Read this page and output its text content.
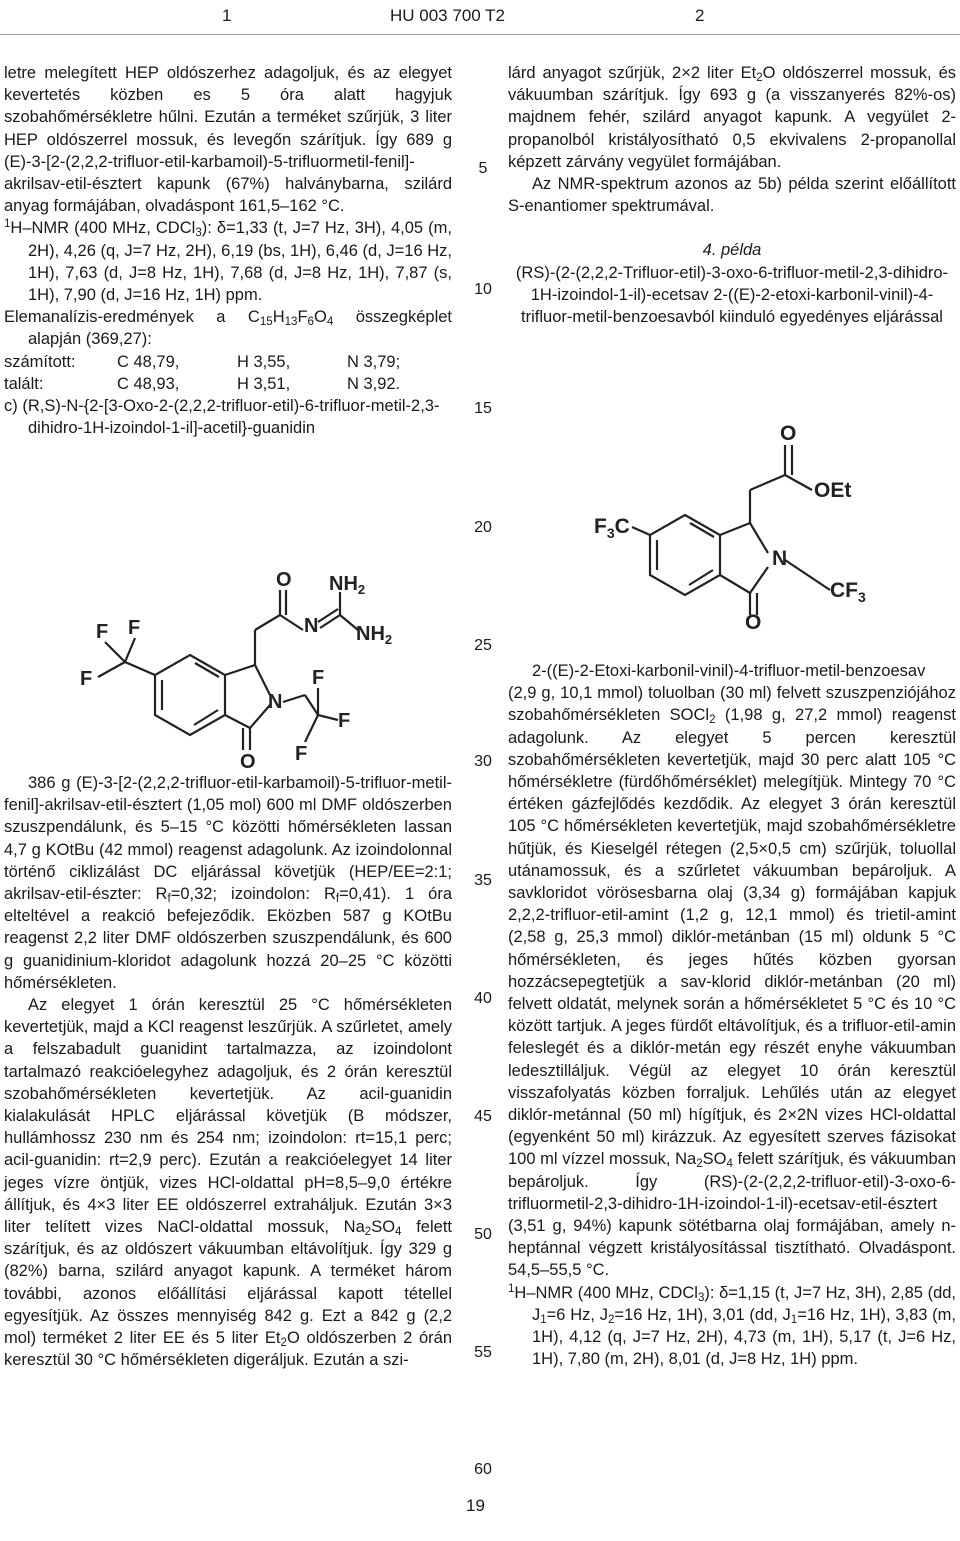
1	HU 003 700 T2	2

letre melegített HEP oldószerhez adagoljuk, és az elegyet kevertetés közben es 5 óra alatt hagyjuk szobahőmérsékletre hűlni. Ezután a terméket szűrjük, 3 liter HEP oldószerrel mossuk, és levegőn szárítjuk. Így 689 g (E)-3-[2-(2,2,2-trifluor-etil-karbamoil)-5-trifluormetil-fenil]-akrilsav-etil-észtert kapunk (67%) halványbarna, szilárd anyag formájában, olvadáspont 161,5–162 °C.

$^1$H–NMR (400 MHz, CDCl$_3$): δ=1,33 (t, J=7 Hz, 3H), 4,05 (m, 2H), 4,26 (q, J=7 Hz, 2H), 6,19 (bs, 1H), 6,46 (d, J=16 Hz, 1H), 7,63 (d, J=8 Hz, 1H), 7,68 (d, J=8 Hz, 1H), 7,87 (s, 1H), 7,90 (d, J=16 Hz, 1H) ppm.

Elemanalízis-eredmények a $C_{15}H_{13}F_6O_4$ összegképlet alapján (369,27):

számított:	C 48,79,	H 3,55,	N 3,79;
talált:	C 48,93,	H 3,51,	N 3,92.

c) (R,S)-N-{2-[3-Oxo-2-(2,2,2-trifluor-etil)-6-trifluor-metil-2,3-dihidro-1H-izoindol-1-il]-acetil}-guanidin

O $NH_2$
N $NH_2$
F F
F
N
F
F
F
O

386 g (E)-3-[2-(2,2,2-trifluor-etil-karbamoil)-5-trifluor-metil-fenil]-akrilsav-etil-észtert (1,05 mol) 600 ml DMF oldószerben szuszpendálunk, és 5–15 °C közötti hőmérsékleten lassan 4,7 g KOtBu (42 mmol) reagenst adagolunk. Az izoindolonnal történő ciklizálást DC eljárással követjük (HEP/EE=2:1; akrilsav-etil-észter: $R_f=0,32$; izoindolon: $R_f=0,41$). 1 óra elteltével a reakció befejeződik. Eközben 587 g KOtBu reagenst 2,2 liter DMF oldószerben szuszpendálunk, és 600 g guanidinium-kloridot adagolunk hozzá 20–25 °C közötti hőmérsékleten.

Az elegyet 1 órán keresztül 25 °C hőmérsékleten kevertetjük, majd a KCl reagenst leszűrjük. A szűrletet, amely a felszabadult guanidint tartalmazza, az izoindolont tartalmazó reakcióelegyhez adagoljuk, és 2 órán keresztül szobahőmérsékleten kevertetjük. Az acil-guanidin kialakulását HPLC eljárással követjük (B módszer, hullámhossz 230 nm és 254 nm; izoindolon: rt=15,1 perc; acil-guanidin: rt=2,9 perc). Ezután a reakcióelegyet 14 liter jeges vízre öntjük, vizes HCl-oldattal pH=8,5–9,0 értékre állítjuk, és 4×3 liter EE oldószerrel extraháljuk. Ezután 3×3 liter telített vizes NaCl-oldattal mossuk, $Na_2SO_4$ felett szárítjuk, és az oldószert vákuumban eltávolítjuk. Így 329 g (82%) barna, szilárd anyagot kapunk. A terméket három további, azonos előállítási eljárással kapott tétellel egyesítjük. Az összes mennyiség 842 g. Ezt a 842 g (2,2 mol) terméket 2 liter EE és 5 liter $Et_2O$ oldószerben 2 órán keresztül 30 °C hőmérsékleten digeráljuk. Ezután a szi-

5
10
15
20
25
30
35
40
45
50
55
60

lárd anyagot szűrjük, 2×2 liter $Et_2O$ oldószerrel mossuk, és vákuumban szárítjuk. Így 693 g (a visszanyerés 82%-os) majdnem fehér, szilárd anyagot kapunk. A vegyület 2-propanolból kristályosítható 0,5 ekvivalens 2-propanollal képzett zárvány vegyület formájában.

Az NMR-spektrum azonos az 5b) példa szerint előállított S-enantiomer spektrumával.

4. példa

(RS)-(2-(2,2,2-Trifluor-etil)-3-oxo-6-trifluor-metil-2,3-dihidro-1H-izoindol-1-il)-ecetsav 2-((E)-2-etoxi-karbonil-vinil)-4-trifluor-metil-benzoesavból kiinduló egyedényes eljárással

O
OEt
$F_3C$
N
$CF_3$
O

2-((E)-2-Etoxi-karbonil-vinil)-4-trifluor-metil-benzoesav (2,9 g, 10,1 mmol) toluolban (30 ml) felvett szuszpenziójához szobahőmérsékleten SOCl$_2$ (1,98 g, 27,2 mmol) reagenst adagolunk. Az elegyet 5 percen keresztül szobahőmérsékleten kevertetjük, majd 30 perc alatt 105 °C hőmérsékletre (fürdőhőmérséklet) melegítjük. Mintegy 70 °C értéken gázfejlődés kezdődik. Az elegyet 3 órán keresztül 105 °C hőmérsékleten kevertetjük, majd szobahőmérsékletre hűtjük, és Kieselgél rétegen (2,5×0,5 cm) szűrjük, toluollal utánamossuk, és a szűrletet vákuumban bepároljuk. A savkloridot vörösesbarna olaj (3,34 g) formájában kapjuk 2,2,2-trifluor-etil-amint (1,2 g, 12,1 mmol) és trietil-amint (2,58 g, 25,3 mmol) diklór-metánban (15 ml) oldunk 5 °C hőmérsékleten, és jeges hűtés közben gyorsan hozzácsepegtetjük a sav-klorid diklór-metánban (20 ml) felvett oldatát, melynek során a hőmérsékletet 5 °C és 10 °C között tartjuk. A jeges fürdőt eltávolítjuk, és a trifluor-etil-amin feleslegét és a diklór-metán egy részét enyhe vákuumban ledesztilláljuk. Végül az elegyet 10 órán keresztül visszafolyatás közben forraljuk. Lehűlés után az elegyet diklór-metánnal (50 ml) hígítjuk, és 2×2N vizes HCl-oldattal (egyenként 50 ml) kirázzuk. Az egyesített szerves fázisokat 100 ml vízzel mossuk, $Na_2SO_4$ felett szárítjuk, és vákuumban bepároljuk. Így (RS)-(2-(2,2,2-trifluor-etil)-3-oxo-6-trifluormetil-2,3-dihidro-1H-izoindol-1-il)-ecetsav-etil-észtert (3,51 g, 94%) kapunk sötétbarna olaj formájában, amely n-heptánnal végzett kristályosítással tisztítható. Olvadáspont. 54,5–55,5 °C.

$^1$H–NMR (400 MHz, CDCl$_3$): δ=1,15 (t, J=7 Hz, 3H), 2,85 (dd, $J_1=6$ Hz, $J_2=16$ Hz, 1H), 3,01 (dd, $J_1=16$ Hz, 1H), 3,83 (m, 1H), 4,12 (q, J=7 Hz, 2H), 4,73 (m, 1H), 5,17 (t, J=6 Hz, 1H), 7,80 (m, 2H), 8,01 (d, J=8 Hz, 1H) ppm.

19
